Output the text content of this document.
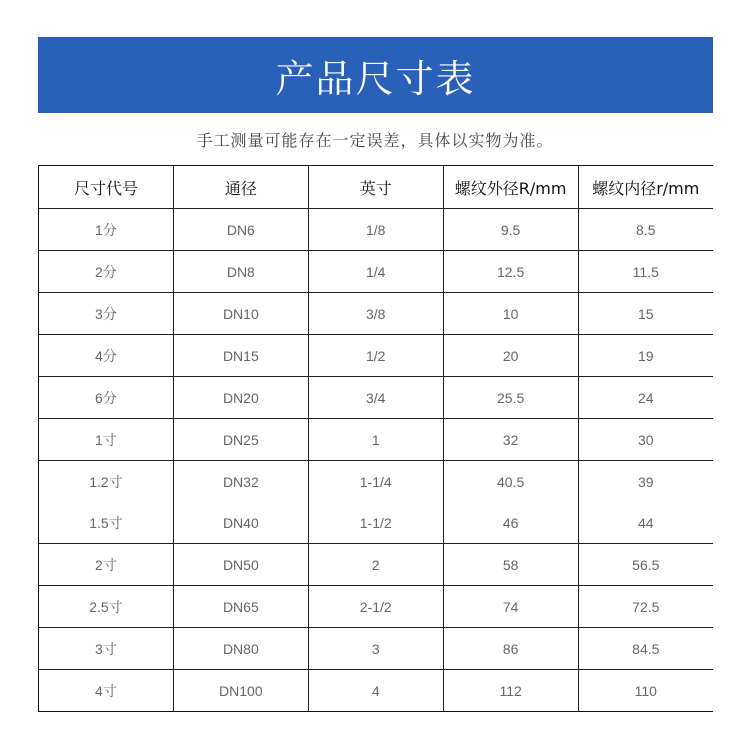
产品尺寸表
手工测量可能存在一定误差，具体以实物为准。
尺寸代号	通径	英寸	螺纹外径R/mm	螺纹内径r/mm
1分	DN6	1/8	9.5	8.5
2分	DN8	1/4	12.5	11.5
3分	DN10	3/8	10	15
4分	DN15	1/2	20	19
6分	DN20	3/4	25.5	24
1寸	DN25	1	32	30
1.2寸	DN32	1-1/4	40.5	39
1.5寸	DN40	1-1/2	46	44
2寸	DN50	2	58	56.5
2.5寸	DN65	2-1/2	74	72.5
3寸	DN80	3	86	84.5
4寸	DN100	4	112	110
